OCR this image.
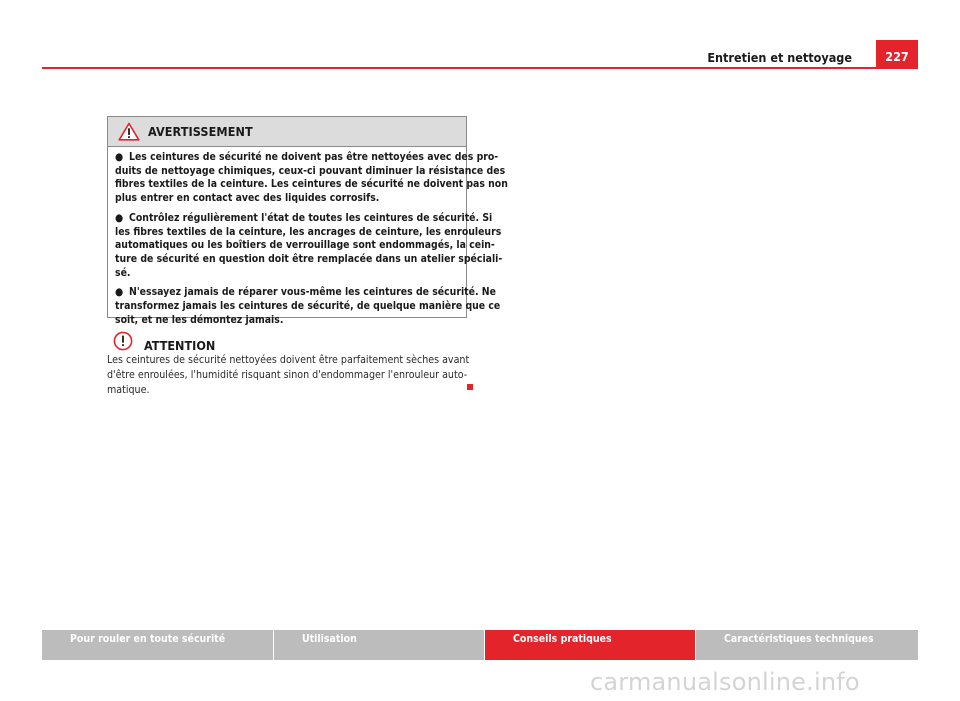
Entretien et nettoyage	227
AVERTISSEMENT
● Les ceintures de sécurité ne doivent pas être nettoyées avec des pro-
duits de nettoyage chimiques, ceux-ci pouvant diminuer la résistance des
fibres textiles de la ceinture. Les ceintures de sécurité ne doivent pas non
plus entrer en contact avec des liquides corrosifs.
● Contrôlez régulièrement l'état de toutes les ceintures de sécurité. Si
les fibres textiles de la ceinture, les ancrages de ceinture, les enrouleurs
automatiques ou les boîtiers de verrouillage sont endommagés, la cein-
ture de sécurité en question doit être remplacée dans un atelier spéciali-
sé.
● N'essayez jamais de réparer vous-même les ceintures de sécurité. Ne
transformez jamais les ceintures de sécurité, de quelque manière que ce
soit, et ne les démontez jamais.
ATTENTION
Les ceintures de sécurité nettoyées doivent être parfaitement sèches avant
d'être enroulées, l'humidité risquant sinon d'endommager l'enrouleur auto-
matique.
Pour rouler en toute sécurité	Utilisation	Conseils pratiques	Caractéristiques techniques
carmanualsonline.info
